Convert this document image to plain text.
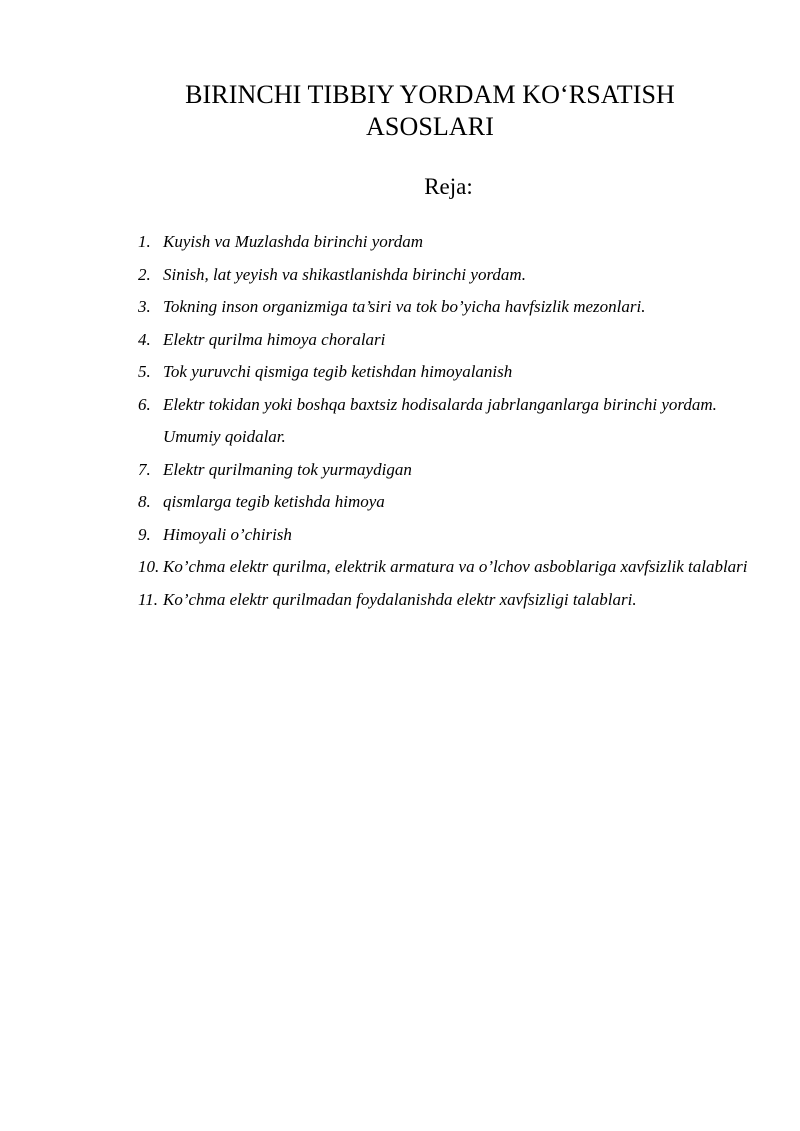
BIRINCHI TIBBIY YORDAM KO‘RSATISH
ASOSLARI
Reja:
1. Kuyish va Muzlashda birinchi yordam
2. Sinish, lat yeyish va shikastlanishda birinchi yordam.
3. Tokning inson organizmiga ta’siri va tok bo’yicha havfsizlik mezonlari.
4. Elektr qurilma himoya choralari
5. Tok yuruvchi qismiga tegib ketishdan himoyalanish
6. Elektr tokidan yoki boshqa baxtsiz hodisalarda jabrlanganlarga birinchi yordam. Umumiy qoidalar.
7. Elektr qurilmaning tok yurmaydigan
8. qismlarga tegib ketishda himoya
9. Himoyali o’chirish
10. Ko’chma elektr qurilma, elektrik armatura va o’lchov asboblariga xavfsizlik talablari
11. Ko’chma elektr qurilmadan foydalanishda elektr xavfsizligi talablari.
